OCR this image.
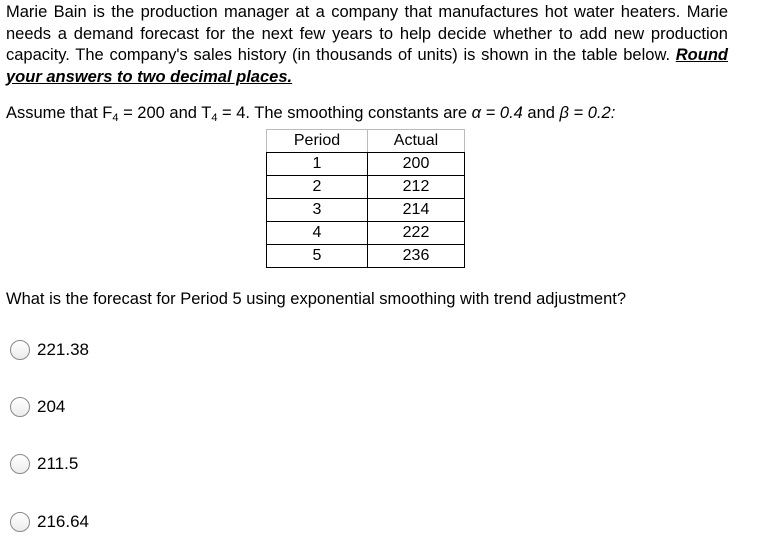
Marie Bain is the production manager at a company that manufactures hot water heaters. Marie needs a demand forecast for the next few years to help decide whether to add new production capacity. The company's sales history (in thousands of units) is shown in the table below. Round your answers to two decimal places.
Assume that $F_4 = 200$ and $T_4 = 4$. The smoothing constants are α = 0.4 and β = 0.2:
Period	Actual
1	200
2	212
3	214
4	222
5	236
What is the forecast for Period 5 using exponential smoothing with trend adjustment?
221.38
204
211.5
216.64
